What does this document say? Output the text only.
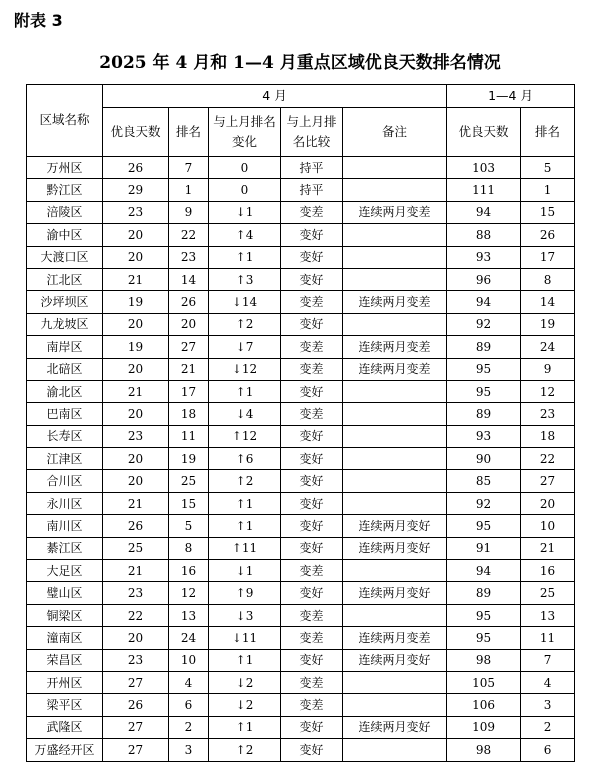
附表 3
2025 年 4 月和 1—4 月重点区域优良天数排名情况
区域名称	4 月					1—4 月	
	优良天数	排名	与上月排名变化	与上月排名比较	备注	优良天数	排名
万州区	26	7	0	持平		103	5
黔江区	29	1	0	持平		111	1
涪陵区	23	9	↓1	变差	连续两月变差	94	15
渝中区	20	22	↑4	变好		88	26
大渡口区	20	23	↑1	变好		93	17
江北区	21	14	↑3	变好		96	8
沙坪坝区	19	26	↓14	变差	连续两月变差	94	14
九龙坡区	20	20	↑2	变好		92	19
南岸区	19	27	↓7	变差	连续两月变差	89	24
北碚区	20	21	↓12	变差	连续两月变差	95	9
渝北区	21	17	↑1	变好		95	12
巴南区	20	18	↓4	变差		89	23
长寿区	23	11	↑12	变好		93	18
江津区	20	19	↑6	变好		90	22
合川区	20	25	↑2	变好		85	27
永川区	21	15	↑1	变好		92	20
南川区	26	5	↑1	变好	连续两月变好	95	10
綦江区	25	8	↑11	变好	连续两月变好	91	21
大足区	21	16	↓1	变差		94	16
璧山区	23	12	↑9	变好	连续两月变好	89	25
铜梁区	22	13	↓3	变差		95	13
潼南区	20	24	↓11	变差	连续两月变差	95	11
荣昌区	23	10	↑1	变好	连续两月变好	98	7
开州区	27	4	↓2	变差		105	4
梁平区	26	6	↓2	变差		106	3
武隆区	27	2	↑1	变好	连续两月变好	109	2
万盛经开区	27	3	↑2	变好		98	6
